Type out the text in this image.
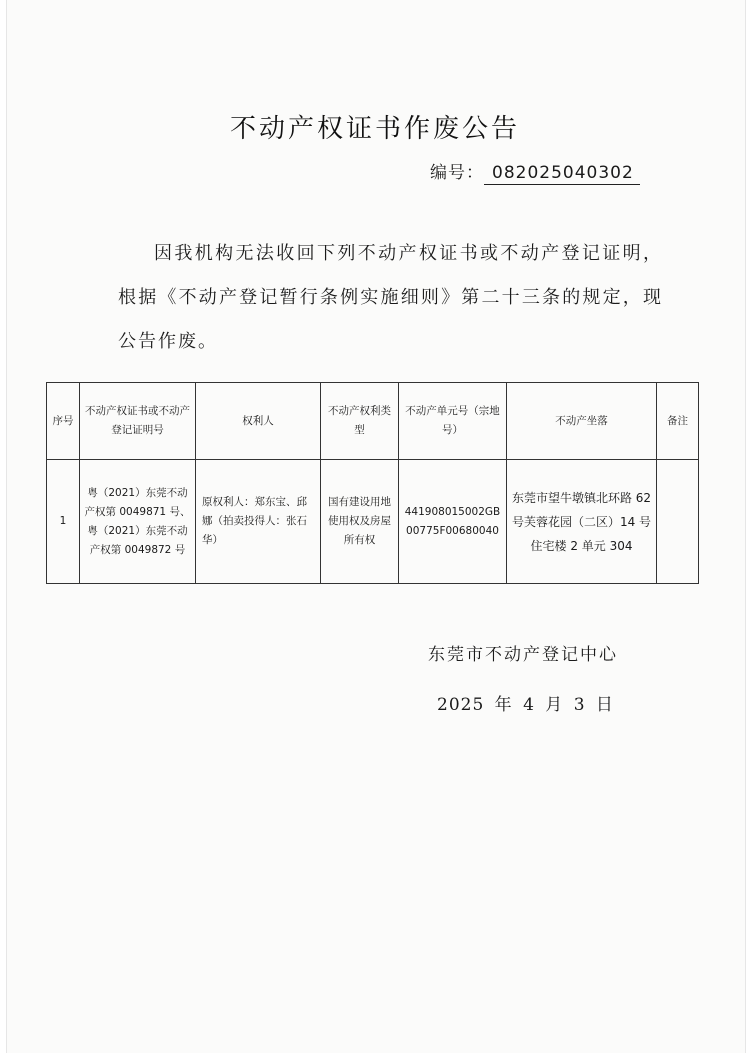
不动产权证书作废公告
编号： 082025040302
因我机构无法收回下列不动产权证书或不动产登记证明，根据《不动产登记暂行条例实施细则》第二十三条的规定，现公告作废。
序号	不动产权证书或不动产登记证明号	权利人	不动产权利类型	不动产单元号（宗地号）	不动产坐落	备注
1	粤（2021）东莞不动产权第 0049871 号、粤（2021）东莞不动产权第 0049872 号	原权利人：郑东宝、邱娜（拍卖投得人：张石华）	国有建设用地使用权及房屋所有权	441908015002GB00775F00680040	东莞市望牛墩镇北环路 62 号芙蓉花园（二区）14 号住宅楼 2 单元 304	
东莞市不动产登记中心
2025 年 4 月 3 日
